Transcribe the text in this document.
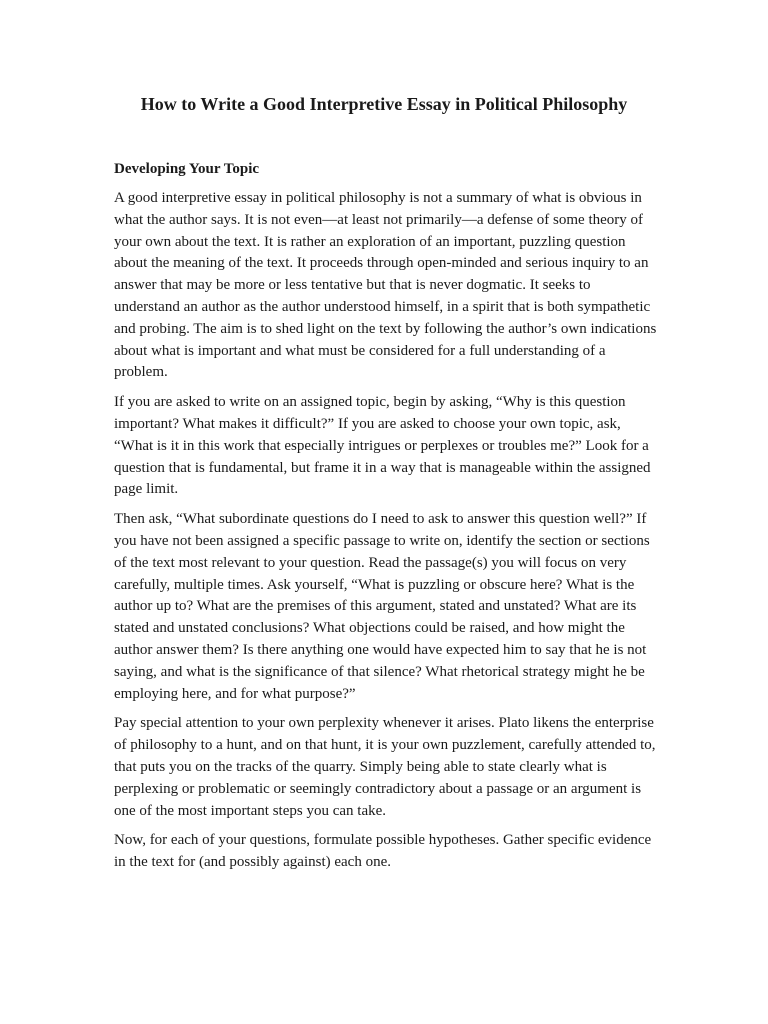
How to Write a Good Interpretive Essay in Political Philosophy
Developing Your Topic

A good interpretive essay in political philosophy is not a summary of what is obvious in what the author says. It is not even—at least not primarily—a defense of some theory of your own about the text. It is rather an exploration of an important, puzzling question about the meaning of the text. It proceeds through open-minded and serious inquiry to an answer that may be more or less tentative but that is never dogmatic. It seeks to understand an author as the author understood himself, in a spirit that is both sympathetic and probing. The aim is to shed light on the text by following the author’s own indications about what is important and what must be considered for a full understanding of a problem.

If you are asked to write on an assigned topic, begin by asking, “Why is this question important? What makes it difficult?” If you are asked to choose your own topic, ask, “What is it in this work that especially intrigues or perplexes or troubles me?” Look for a question that is fundamental, but frame it in a way that is manageable within the assigned page limit.

Then ask, “What subordinate questions do I need to ask to answer this question well?” If you have not been assigned a specific passage to write on, identify the section or sections of the text most relevant to your question. Read the passage(s) you will focus on very carefully, multiple times. Ask yourself, “What is puzzling or obscure here? What is the author up to? What are the premises of this argument, stated and unstated? What are its stated and unstated conclusions? What objections could be raised, and how might the author answer them? Is there anything one would have expected him to say that he is not saying, and what is the significance of that silence? What rhetorical strategy might he be employing here, and for what purpose?”

Pay special attention to your own perplexity whenever it arises. Plato likens the enterprise of philosophy to a hunt, and on that hunt, it is your own puzzlement, carefully attended to, that puts you on the tracks of the quarry. Simply being able to state clearly what is perplexing or problematic or seemingly contradictory about a passage or an argument is one of the most important steps you can take.

Now, for each of your questions, formulate possible hypotheses. Gather specific evidence in the text for (and possibly against) each one.
